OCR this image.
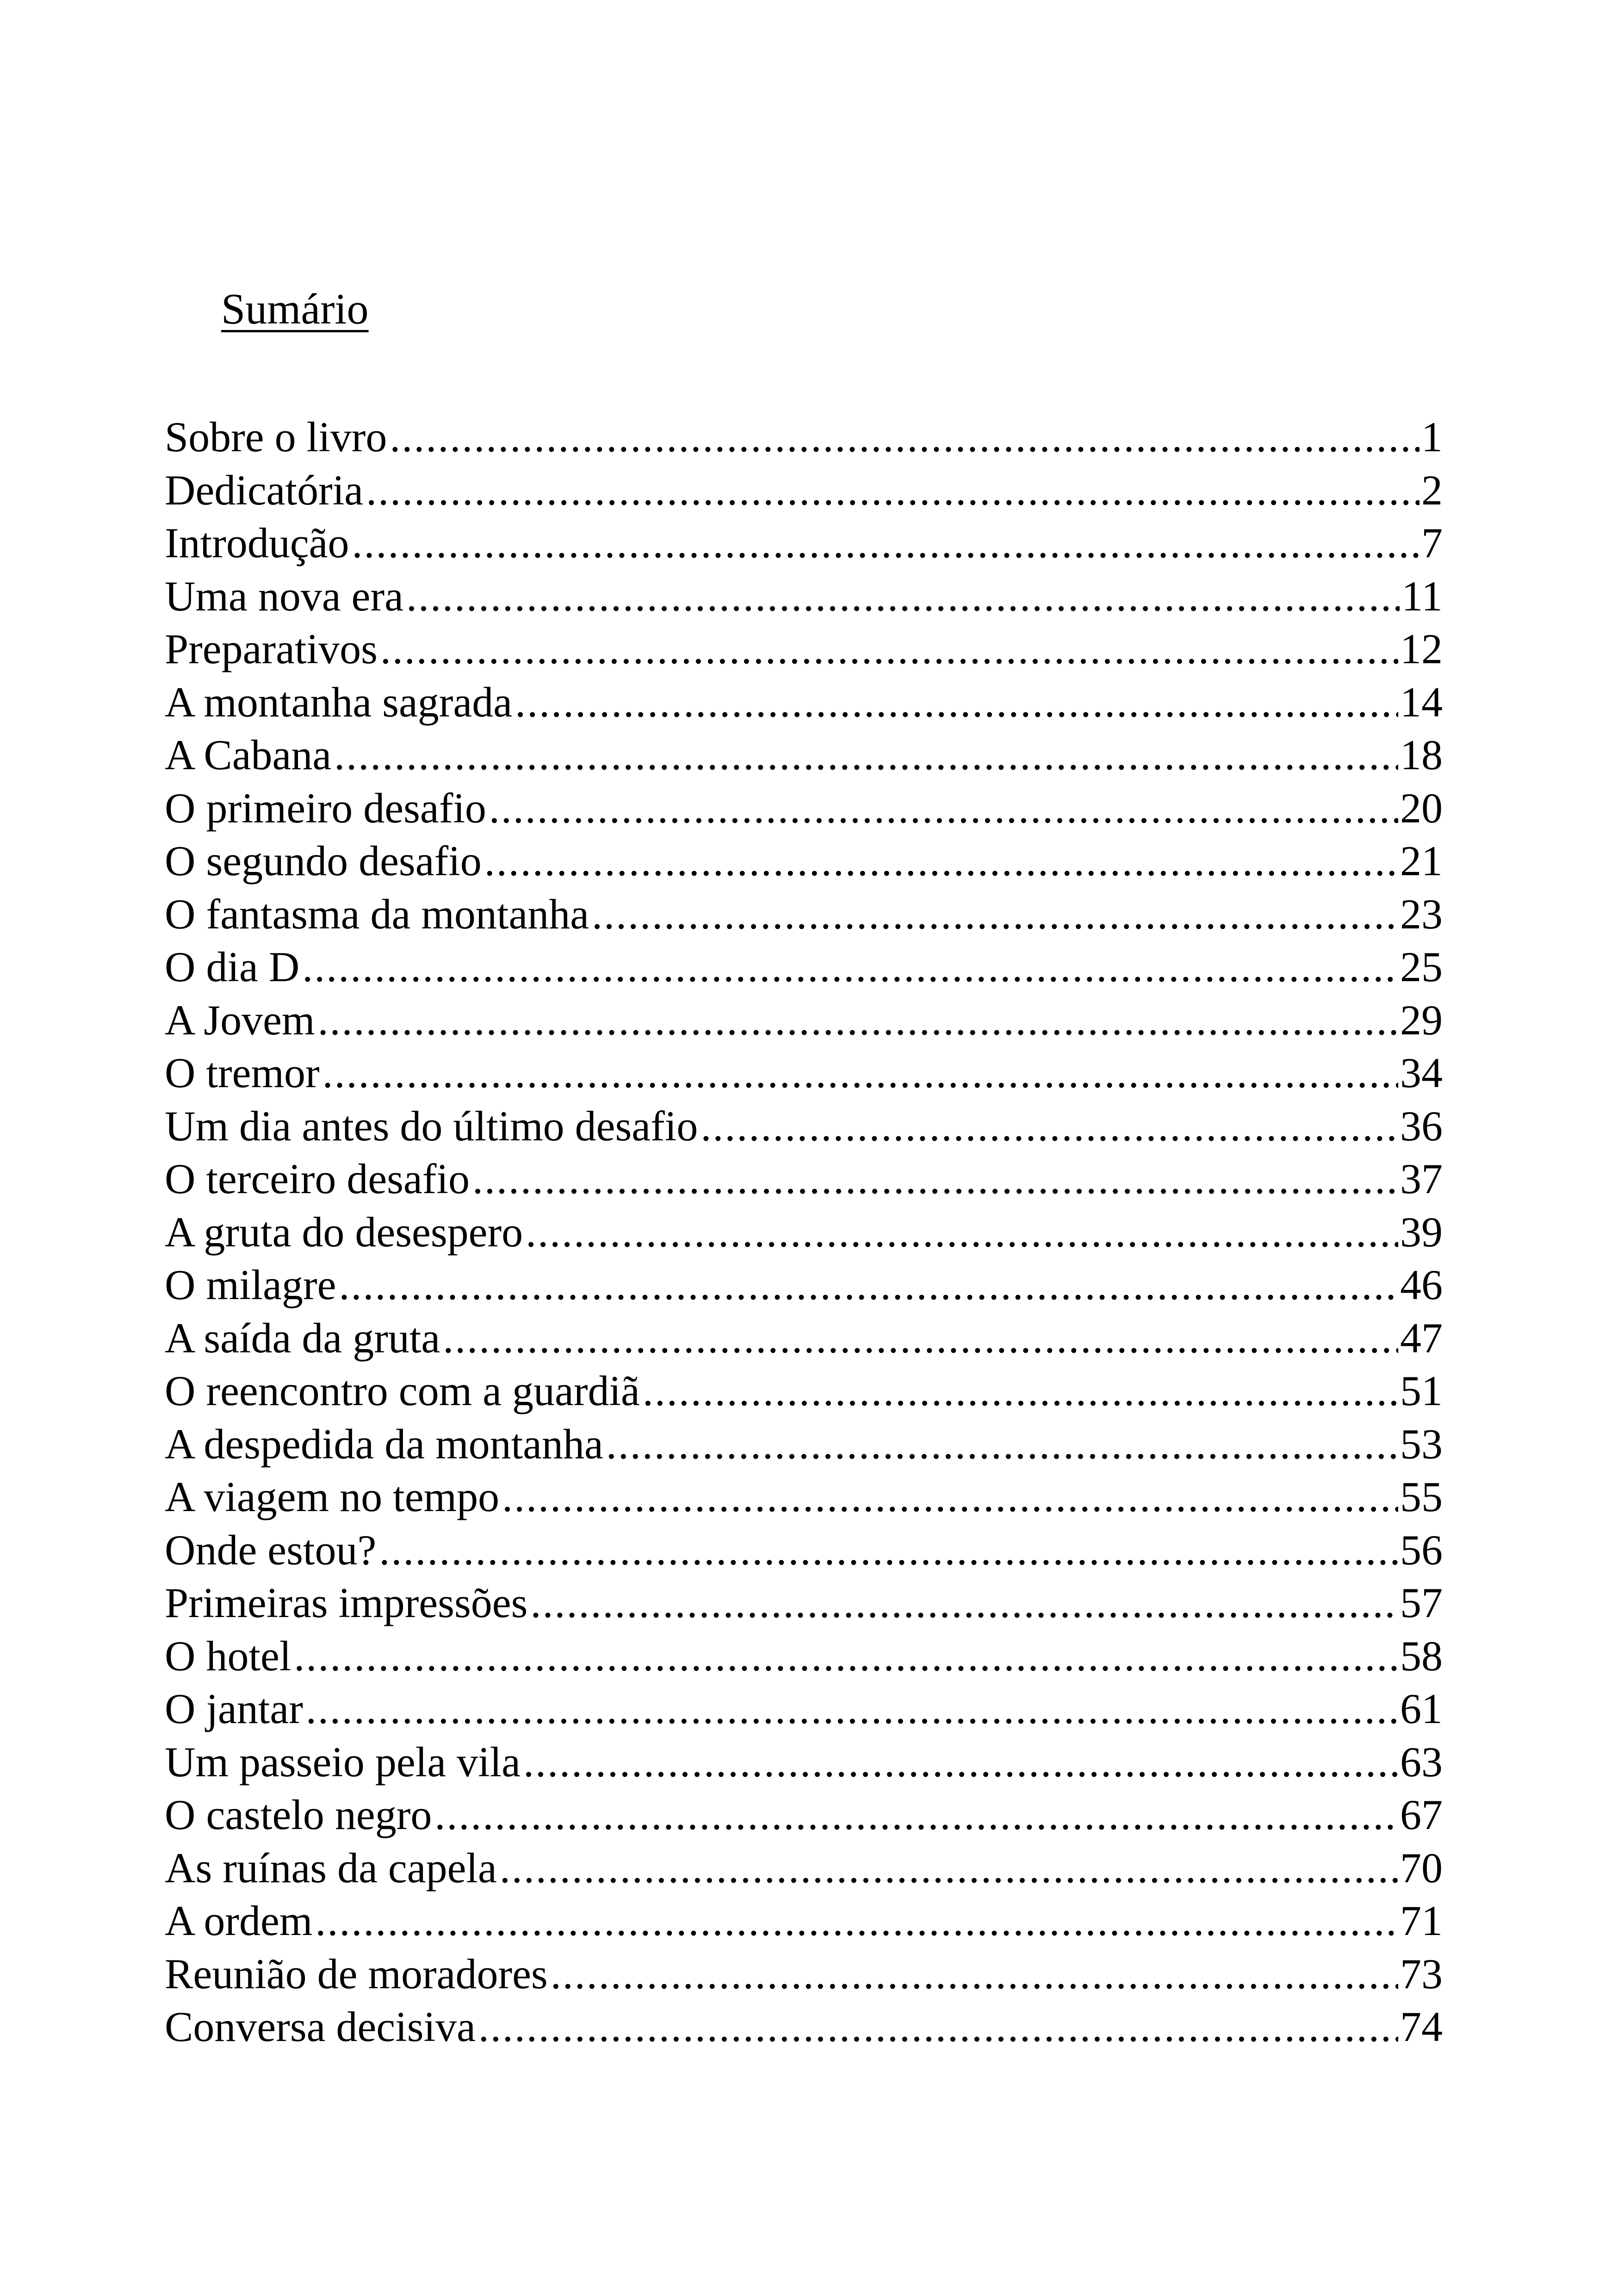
Sumário
Sobre o livro .....	1
Dedicatória .....	2
Introdução .....	7
Uma nova era .....	11
Preparativos .....	12
A montanha sagrada .....	14
A Cabana .....	18
O primeiro desafio .....	20
O segundo desafio .....	21
O fantasma da montanha .....	23
O dia D .....	25
A Jovem .....	29
O tremor .....	34
Um dia antes do último desafio .....	36
O terceiro desafio .....	37
A gruta do desespero .....	39
O milagre .....	46
A saída da gruta .....	47
O reencontro com a guardiã .....	51
A despedida da montanha .....	53
A viagem no tempo .....	55
Onde estou? .....	56
Primeiras impressões .....	57
O hotel .....	58
O jantar .....	61
Um passeio pela vila .....	63
O castelo negro .....	67
As ruínas da capela .....	70
A ordem .....	71
Reunião de moradores .....	73
Conversa decisiva .....	74
